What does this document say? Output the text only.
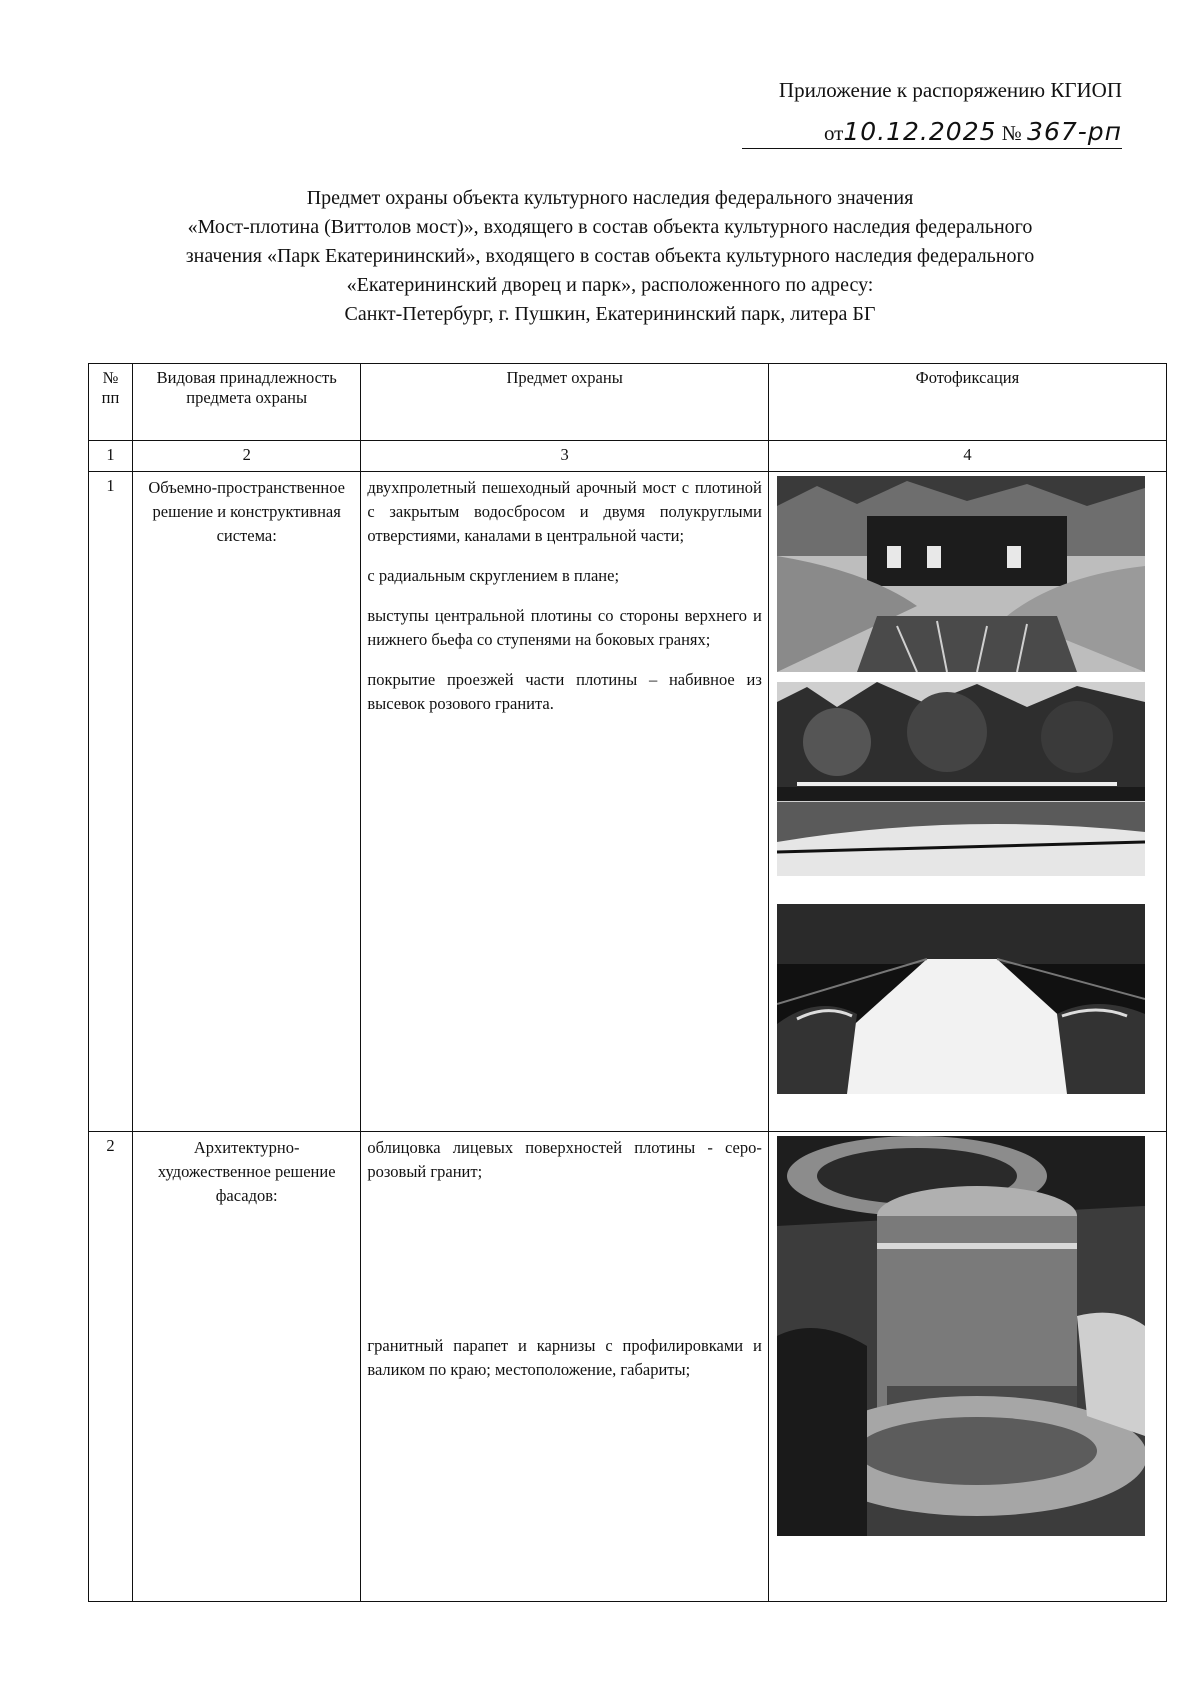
Приложение к распоряжению КГИОП
от10.12.2025 № 367-рп
Предмет охраны объекта культурного наследия федерального значения
«Мост-плотина (Виттолов мост)», входящего в состав объекта культурного наследия федерального
значения «Парк Екатерининский», входящего в состав объекта культурного наследия федерального
«Екатерининский дворец и парк», расположенного по адресу:
Санкт-Петербург, г. Пушкин, Екатерининский парк, литера БГ
№ пп	Видовая принадлежность предмета охраны	Предмет охраны	Фотофиксация
1	2	3	4
1	Объемно-пространственное решение и конструктивная система:	двухпролетный пешеходный арочный мост с плотиной с закрытым водосбросом и двумя полукруглыми отверстиями, каналами в центральной части;

с радиальным скруглением в плане;

выступы центральной плотины со стороны верхнего и нижнего бьефа со ступенями на боковых гранях;

покрытие проезжей части плотины – набивное из высевок розового гранита.

2	Архитектурно-художественное решение фасадов:	облицовка лицевых поверхностей плотины - серо-розовый гранит;

гранитный парапет и карнизы с профилировками и валиком по краю; местоположение, габариты;
